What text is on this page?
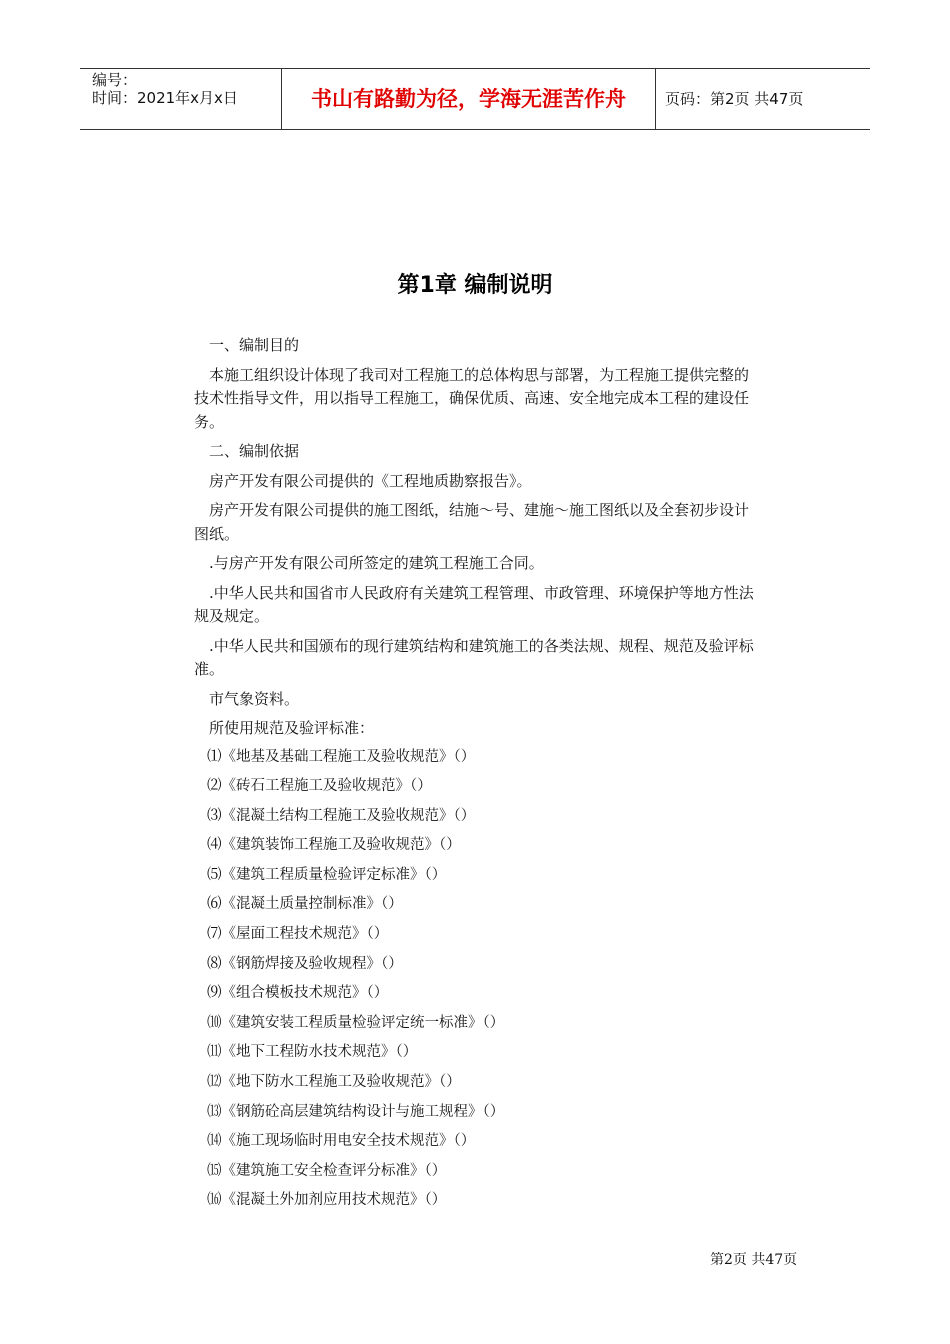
编号：
时间：2021年x月x日	书山有路勤为径，学海无涯苦作舟	页码：第2页 共47页
第1章 编制说明

一、编制目的

本施工组织设计体现了我司对工程施工的总体构思与部署，为工程施工提供完整的技术性指导文件，用以指导工程施工，确保优质、高速、安全地完成本工程的建设任务。

二、编制依据

房产开发有限公司提供的《工程地质勘察报告》。

房产开发有限公司提供的施工图纸，结施～号、建施～施工图纸以及全套初步设计图纸。

.与房产开发有限公司所签定的建筑工程施工合同。

.中华人民共和国省市人民政府有关建筑工程管理、市政管理、环境保护等地方性法规及规定。

.中华人民共和国颁布的现行建筑结构和建筑施工的各类法规、规程、规范及验评标准。

市气象资料。

所使用规范及验评标准：

⑴《地基及基础工程施工及验收规范》（）
⑵《砖石工程施工及验收规范》（）
⑶《混凝土结构工程施工及验收规范》（）
⑷《建筑装饰工程施工及验收规范》（）
⑸《建筑工程质量检验评定标准》（）
⑹《混凝土质量控制标准》（）
⑺《屋面工程技术规范》（）
⑻《钢筋焊接及验收规程》（）
⑼《组合模板技术规范》（）
⑽《建筑安装工程质量检验评定统一标准》（）
⑾《地下工程防水技术规范》（）
⑿《地下防水工程施工及验收规范》（）
⒀《钢筋砼高层建筑结构设计与施工规程》（）
⒁《施工现场临时用电安全技术规范》（）
⒂《建筑施工安全检查评分标准》（）
⒃《混凝土外加剂应用技术规范》（）
第2页 共47页
